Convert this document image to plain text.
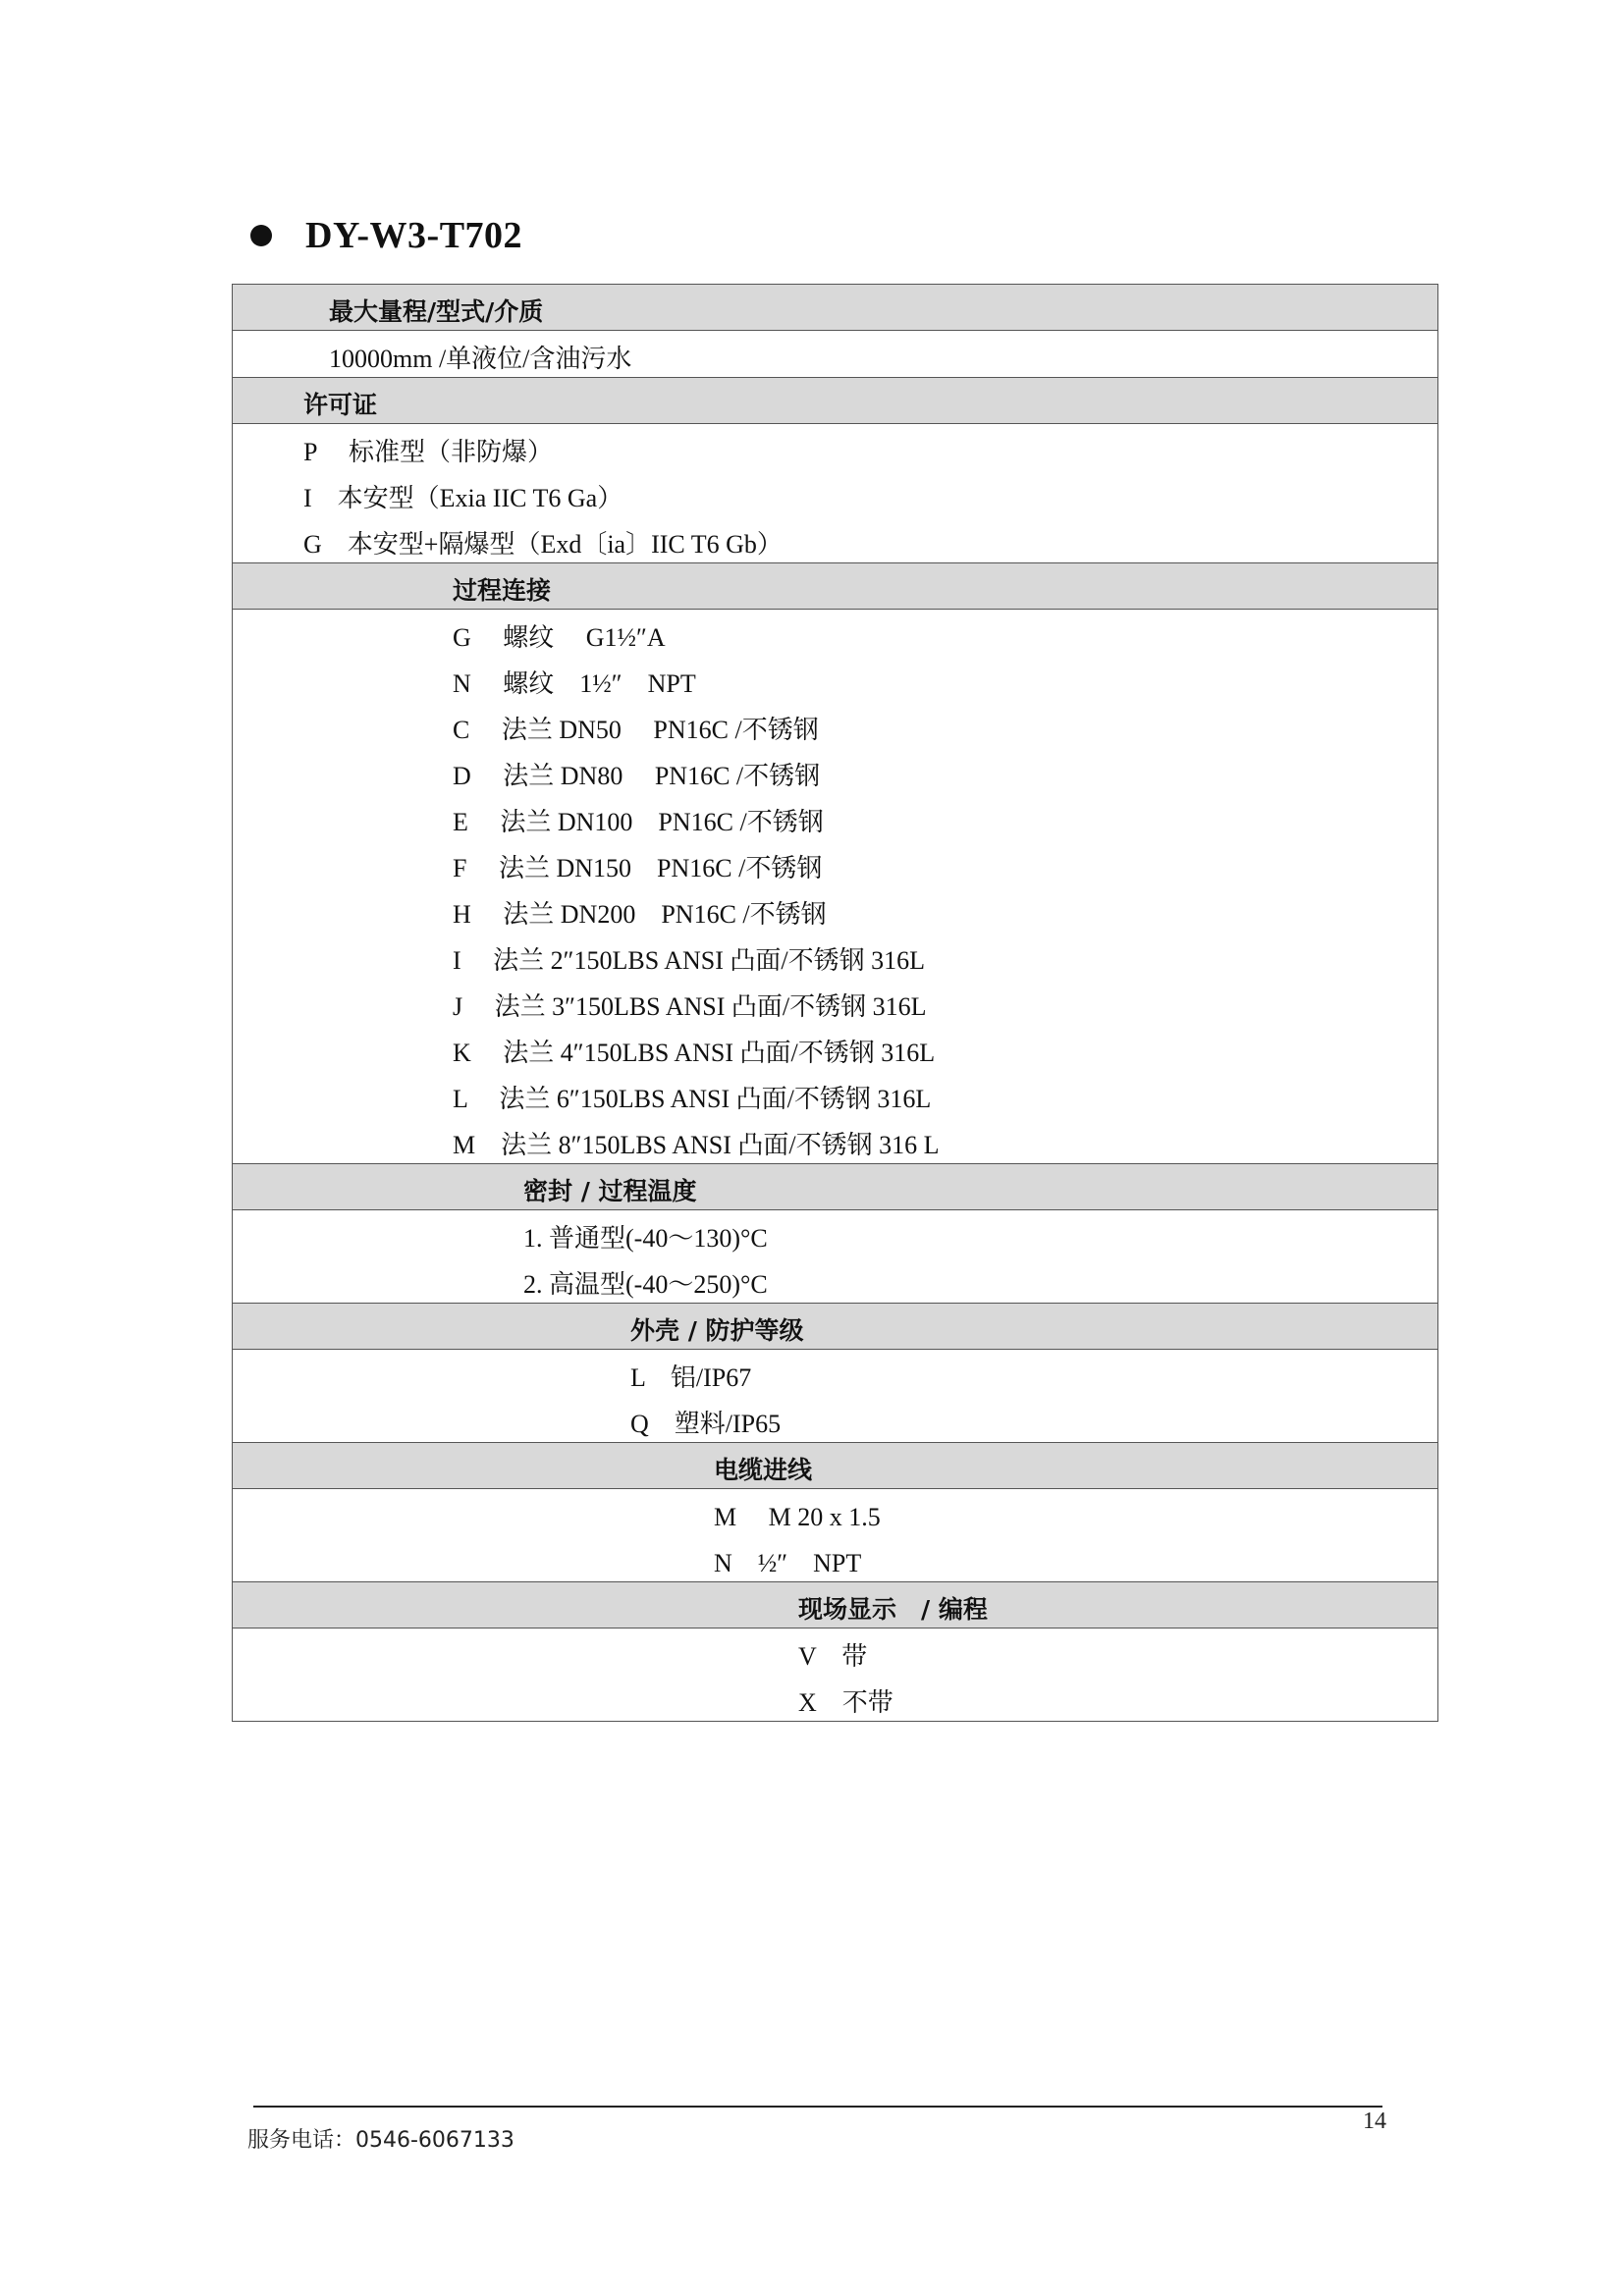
DY-W3-T702
最大量程/型式/介质
10000mm /单液位/含油污水
许可证
P　 标准型（非防爆）
I　本安型（Exia IIC T6 Ga）
G　本安型+隔爆型（Exd〔ia〕IIC T6 Gb）
过程连接
G　 螺纹　 G1½″A
N　 螺纹　1½″　NPT
C　 法兰 DN50　 PN16C /不锈钢
D　 法兰 DN80　 PN16C /不锈钢
E　 法兰 DN100　PN16C /不锈钢
F　 法兰 DN150　PN16C /不锈钢
H　 法兰 DN200　PN16C /不锈钢
I　 法兰 2″150LBS ANSI 凸面/不锈钢 316L
J　 法兰 3″150LBS ANSI 凸面/不锈钢 316L
K　 法兰 4″150LBS ANSI 凸面/不锈钢 316L
L　 法兰 6″150LBS ANSI 凸面/不锈钢 316L
M　法兰 8″150LBS ANSI 凸面/不锈钢 316 L
密封 / 过程温度
1. 普通型(-40～130)°C
2. 高温型(-40～250)°C
外壳 / 防护等级
L　铝/IP67
Q　塑料/IP65
电缆进线
M　 M 20 x 1.5
N　½″　NPT
现场显示　/ 编程
V　带
X　不带
服务电话：0546-6067133
14
